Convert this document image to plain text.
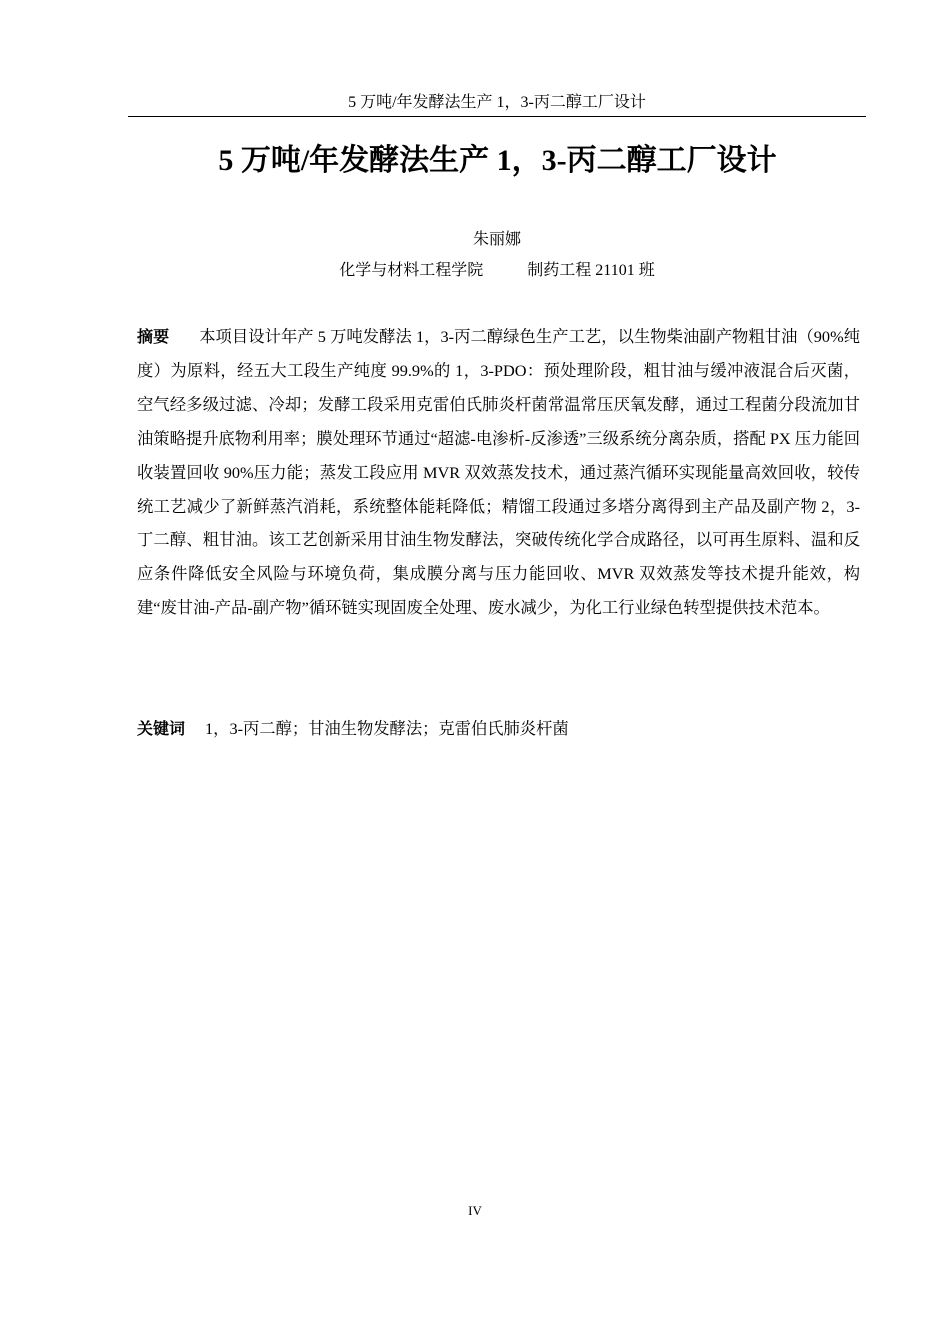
5 万吨/年发酵法生产 1，3-丙二醇工厂设计
5 万吨/年发酵法生产 1，3-丙二醇工厂设计
朱丽娜
化学与材料工程学院	制药工程 21101 班
摘要 本项目设计年产 5 万吨发酵法 1，3-丙二醇绿色生产工艺，以生物柴油副产物粗甘油（90%纯度）为原料，经五大工段生产纯度 99.9%的 1，3-PDO：预处理阶段，粗甘油与缓冲液混合后灭菌，空气经多级过滤、冷却；发酵工段采用克雷伯氏肺炎杆菌常温常压厌氧发酵，通过工程菌分段流加甘油策略提升底物利用率；膜处理环节通过“超滤-电渗析-反渗透”三级系统分离杂质，搭配 PX 压力能回收装置回收 90%压力能；蒸发工段应用 MVR 双效蒸发技术，通过蒸汽循环实现能量高效回收，较传统工艺减少了新鲜蒸汽消耗，系统整体能耗降低；精馏工段通过多塔分离得到主产品及副产物 2，3-丁二醇、粗甘油。该工艺创新采用甘油生物发酵法，突破传统化学合成路径，以可再生原料、温和反应条件降低安全风险与环境负荷，集成膜分离与压力能回收、MVR 双效蒸发等技术提升能效，构建“废甘油-产品-副产物”循环链实现固废全处理、废水减少，为化工行业绿色转型提供技术范本。
关键词 1，3-丙二醇；甘油生物发酵法；克雷伯氏肺炎杆菌
IV
